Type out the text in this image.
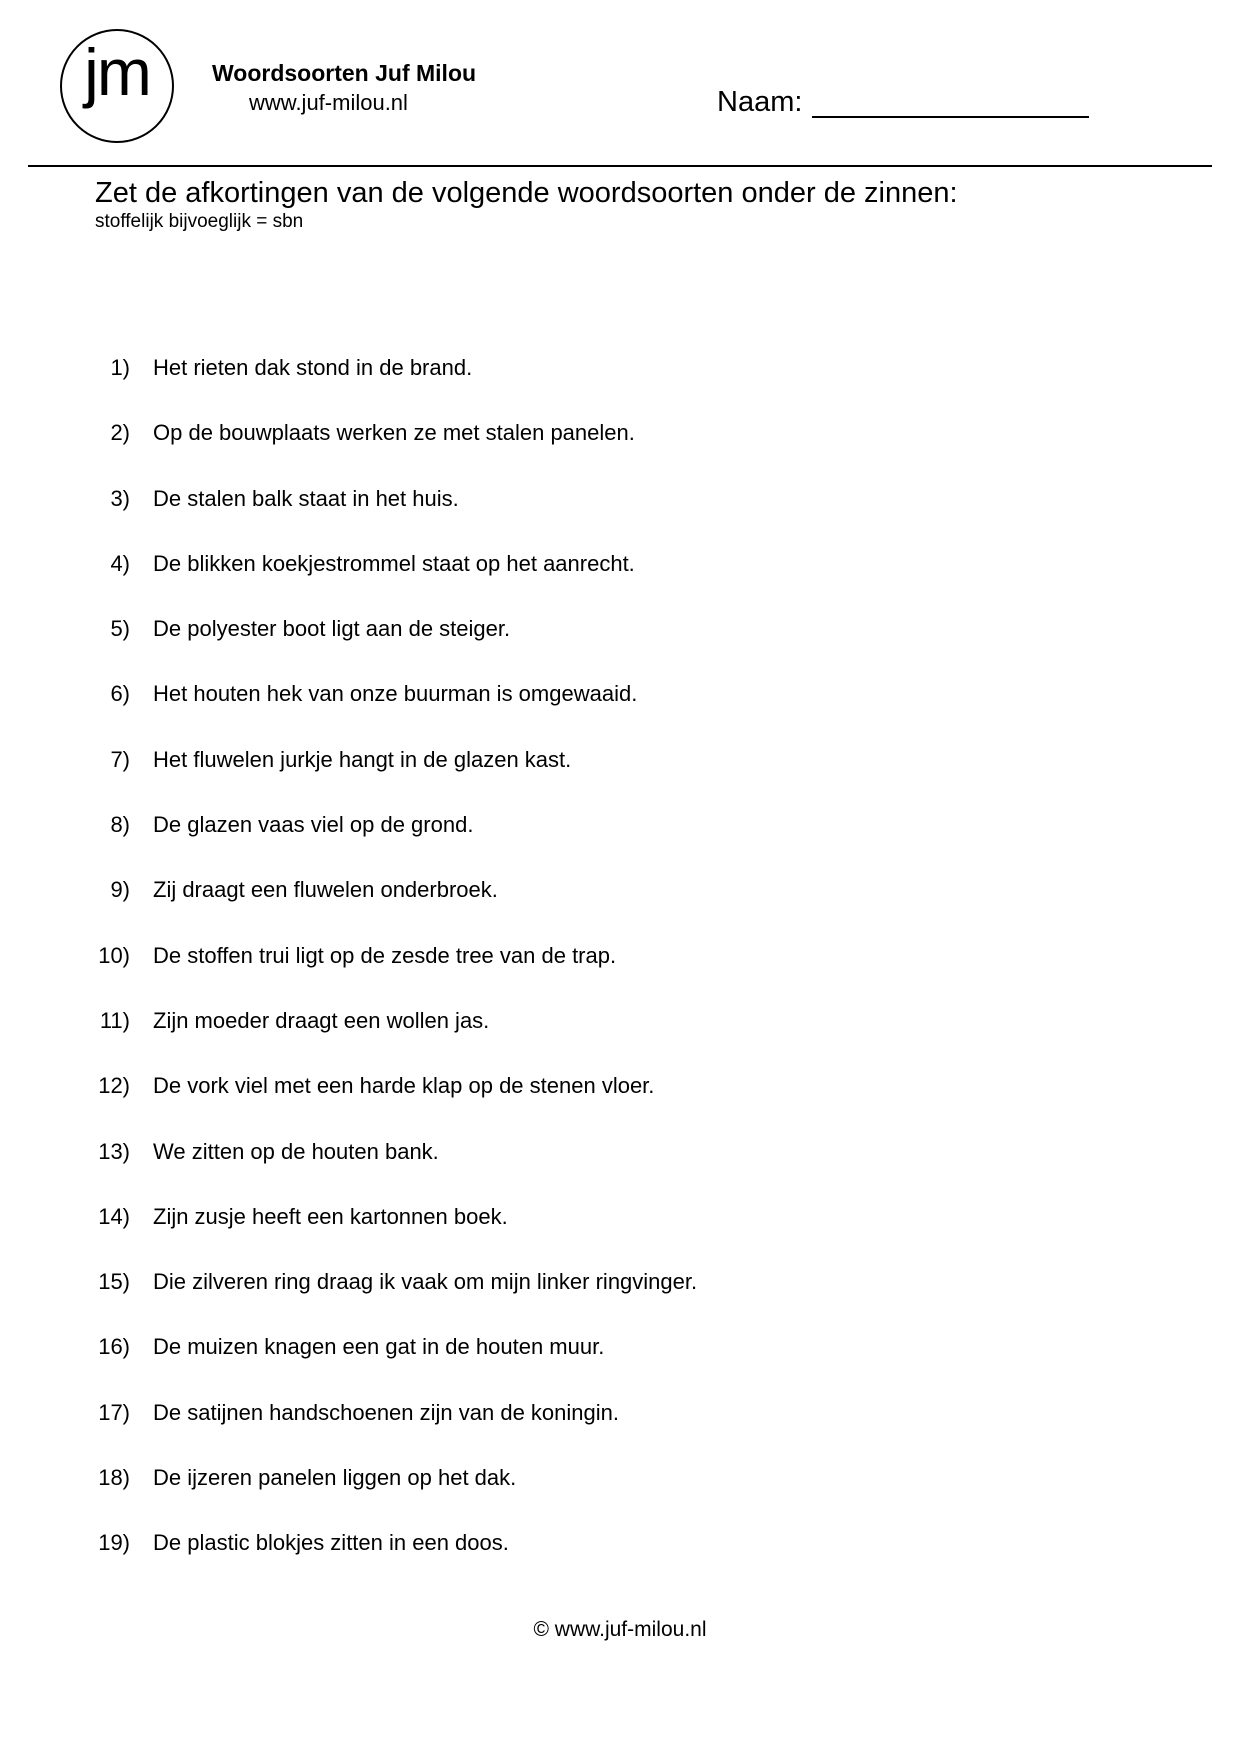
jm	Woordsoorten Juf Milou
www.juf-milou.nl	Naam:
Zet de afkortingen van de volgende woordsoorten onder de zinnen:
stoffelijk bijvoeglijk = sbn
1) Het rieten dak stond in de brand.
2) Op de bouwplaats werken ze met stalen panelen.
3) De stalen balk staat in het huis.
4) De blikken koekjestrommel staat op het aanrecht.
5) De polyester boot ligt aan de steiger.
6) Het houten hek van onze buurman is omgewaaid.
7) Het fluwelen jurkje hangt in de glazen kast.
8) De glazen vaas viel op de grond.
9) Zij draagt een fluwelen onderbroek.
10) De stoffen trui ligt op de zesde tree van de trap.
11) Zijn moeder draagt een wollen jas.
12) De vork viel met een harde klap op de stenen vloer.
13) We zitten op de houten bank.
14) Zijn zusje heeft een kartonnen boek.
15) Die zilveren ring draag ik vaak om mijn linker ringvinger.
16) De muizen knagen een gat in de houten muur.
17) De satijnen handschoenen zijn van de koningin.
18) De ijzeren panelen liggen op het dak.
19) De plastic blokjes zitten in een doos.
© www.juf-milou.nl
